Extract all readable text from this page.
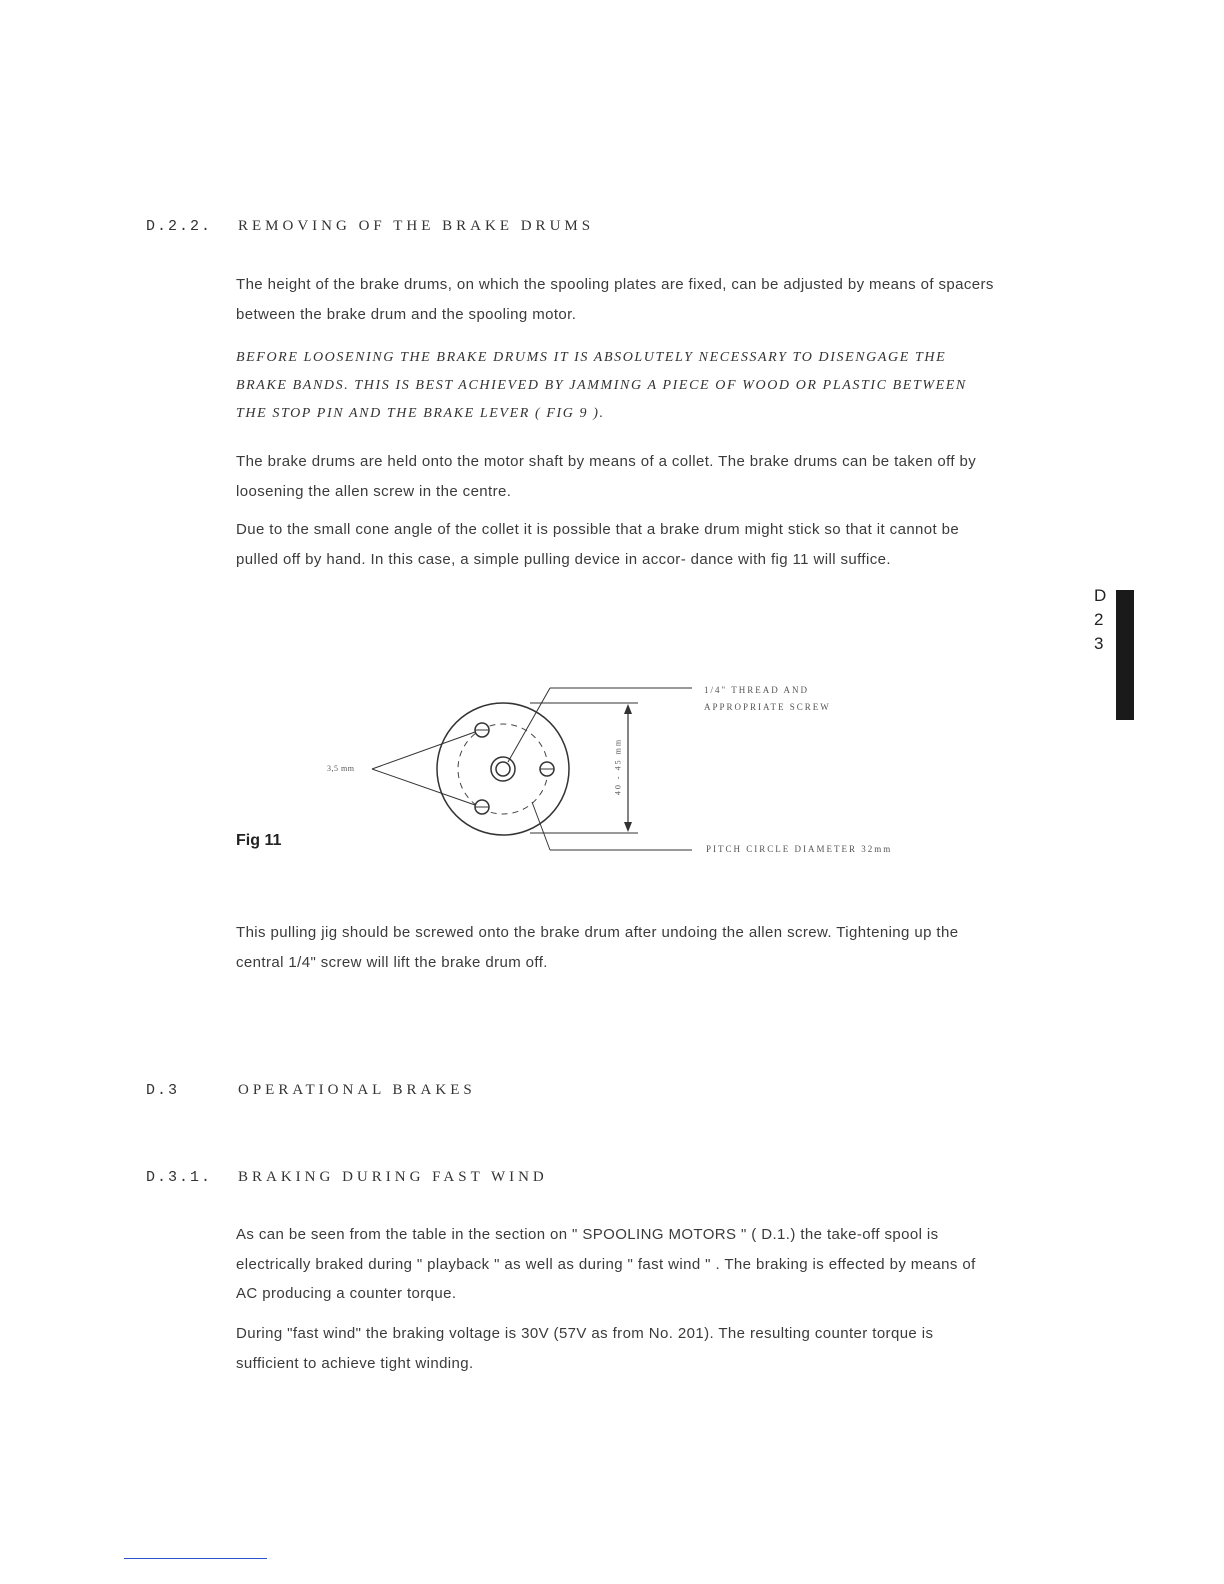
D.2.2. REMOVING OF THE BRAKE DRUMS

The height of the brake drums, on which the spooling plates are fixed, can be adjusted by means of spacers between the brake drum and the spooling motor.

BEFORE LOOSENING THE BRAKE DRUMS IT IS ABSOLUTELY NECESSARY TO DISENGAGE THE BRAKE BANDS. THIS IS BEST ACHIEVED BY JAMMING A PIECE OF WOOD OR PLASTIC BETWEEN THE STOP PIN AND THE BRAKE LEVER ( FIG 9 ).

The brake drums are held onto the motor shaft by means of a collet. The brake drums can be taken off by loosening the allen screw in the centre.

Due to the small cone angle of the collet it is possible that a brake drum might stick so that it cannot be pulled off by hand. In this case, a simple pulling device in accor- dance with fig 11 will suffice.

D
2
3
Fig 11
3,5 mm
1/4" THREAD AND
APPROPRIATE SCREW
PITCH CIRCLE DIAMETER 32mm
40 - 45 mm

This pulling jig should be screwed onto the brake drum after undoing the allen screw. Tightening up the central 1/4" screw will lift the brake drum off.

D.3	OPERATIONAL BRAKES
D.3.1. BRAKING DURING FAST WIND

As can be seen from the table in the section on " SPOOLING MOTORS " ( D.1.) the take-off spool is electrically braked during " playback " as well as during " fast wind " . The braking is effected by means of AC producing a counter torque.

During "fast wind" the braking voltage is 30V (57V as from No. 201). The resulting counter torque is sufficient to achieve tight winding.
